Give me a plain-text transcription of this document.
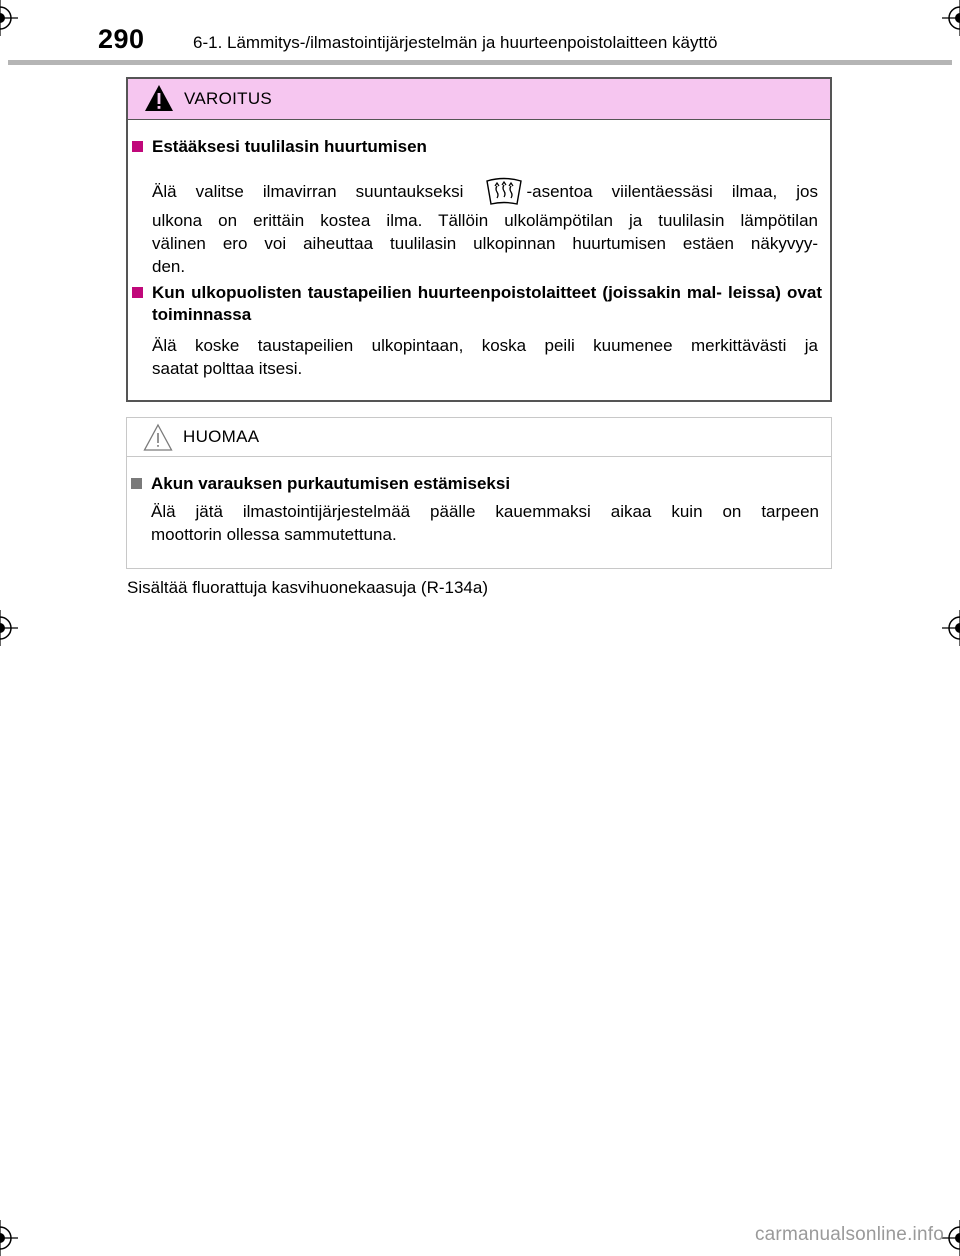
290	6-1. Lämmitys-/ilmastointijärjestelmän ja huurteenpoistolaitteen käyttö
VAROITUS
Estääksesi tuulilasin huurtumisen
Älä valitse ilmavirran suuntaukseksi	-asentoa viilentäessäsi ilmaa, jos
ulkona on erittäin kostea ilma. Tällöin ulkolämpötilan ja tuulilasin lämpötilan
välinen ero voi aiheuttaa tuulilasin ulkopinnan huurtumisen estäen näkyvyy-
den.
Kun ulkopuolisten taustapeilien huurteenpoistolaitteet (joissakin mal- leissa) ovat toiminnassa
Älä koske taustapeilien ulkopintaan, koska peili kuumenee merkittävästi ja
saatat polttaa itsesi.
HUOMAA
Akun varauksen purkautumisen estämiseksi
Älä jätä ilmastointijärjestelmää päälle kauemmaksi aikaa kuin on tarpeen
moottorin ollessa sammutettuna.
Sisältää fluorattuja kasvihuonekaasuja (R-134a)
carmanualsonline.info
